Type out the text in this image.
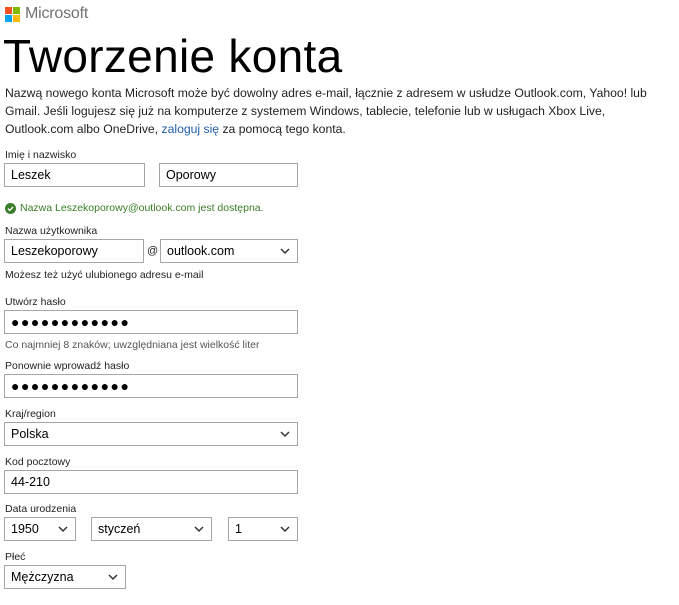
Microsoft
Tworzenie konta
Nazwą nowego konta Microsoft może być dowolny adres e-mail, łącznie z adresem w usłudze Outlook.com, Yahoo! lub Gmail. Jeśli logujesz się już na komputerze z systemem Windows, tablecie, telefonie lub w usługach Xbox Live, Outlook.com albo OneDrive, zaloguj się za pomocą tego konta.
Imię i nazwisko
Leszek	Oporowy
Nazwa Leszekoporowy@outlook.com jest dostępna.
Nazwa użytkownika
Leszekoporowy	@ outlook.com
Możesz też użyć ulubionego adresu e-mail
Utwórz hasło
●●●●●●●●●●●●
Co najmniej 8 znaków; uwzględniana jest wielkość liter
Ponownie wprowadź hasło
●●●●●●●●●●●●
Kraj/region
Polska
Kod pocztowy
44-210
Data urodzenia
1950	styczeń	1
Płeć
Mężczyzna
